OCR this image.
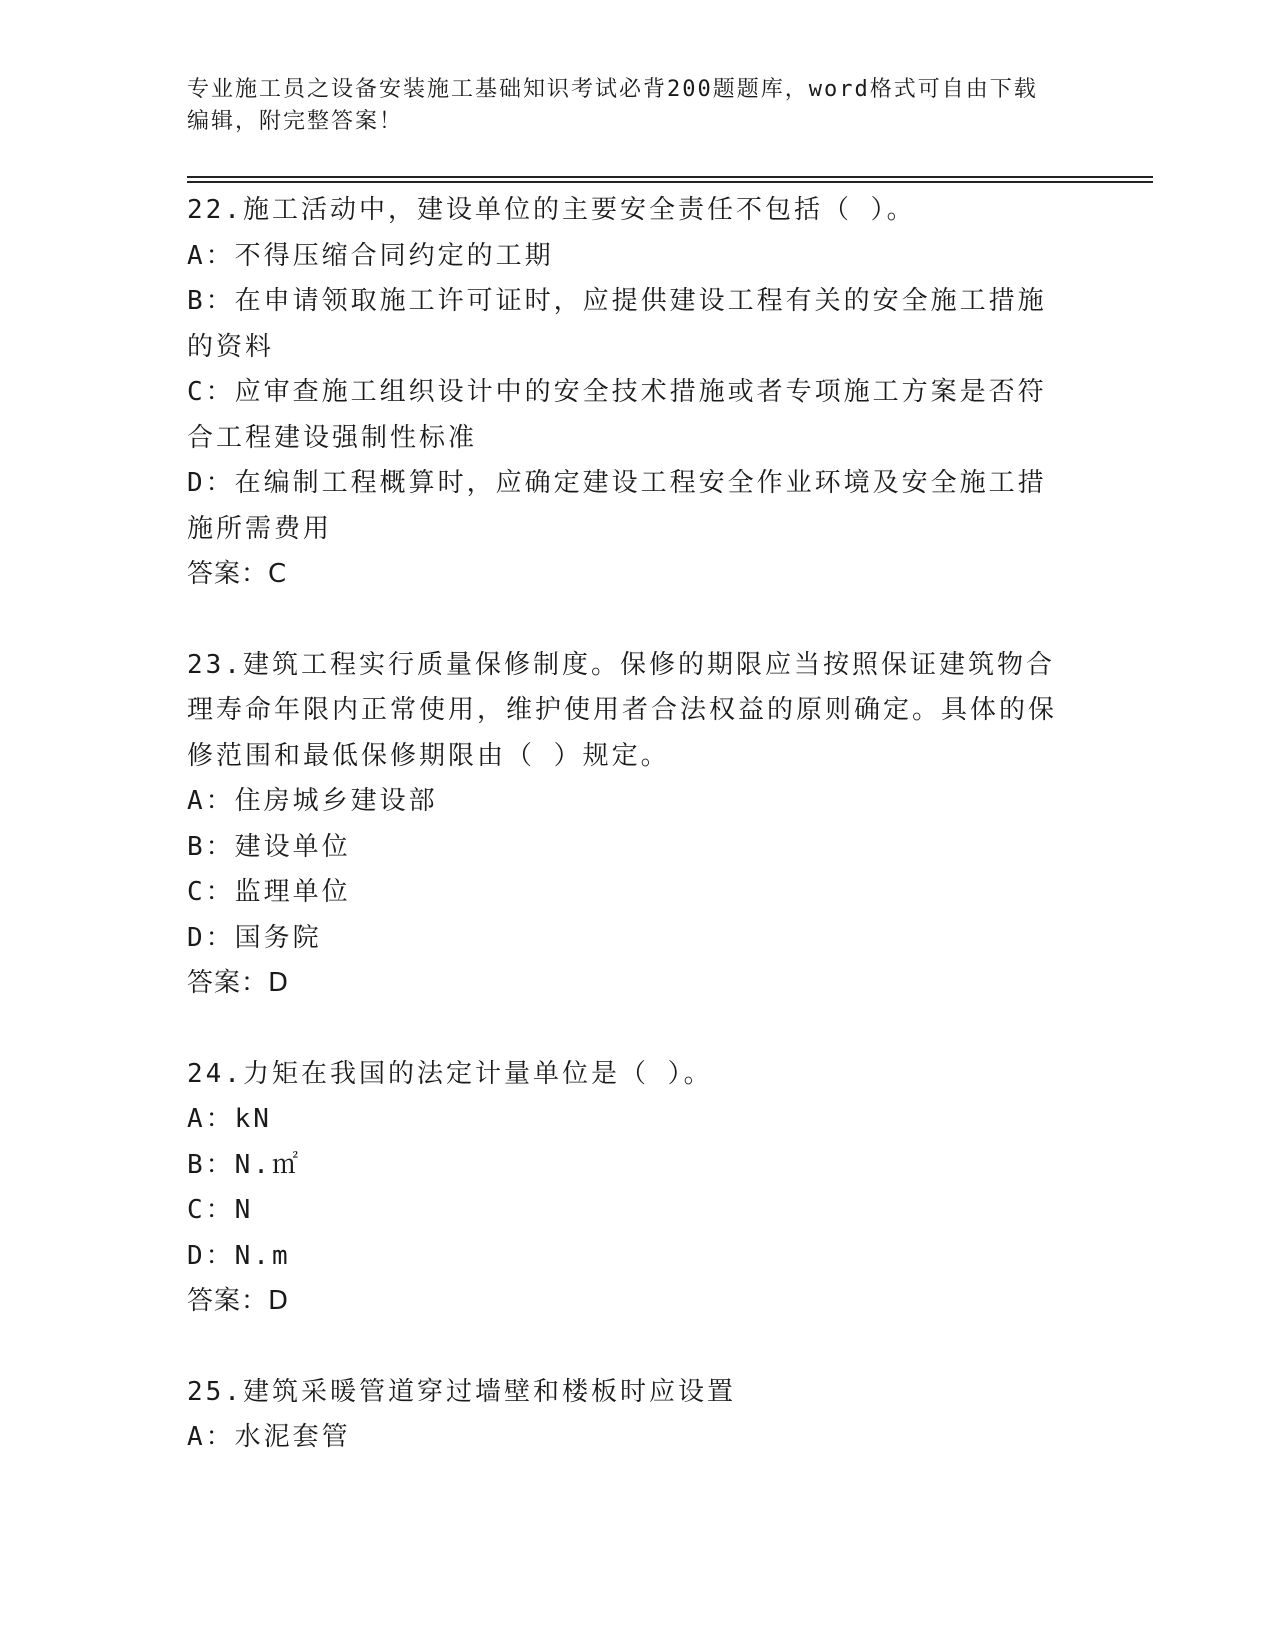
专业施工员之设备安装施工基础知识考试必背200题题库，word格式可自由下载
编辑，附完整答案！
22.施工活动中，建设单位的主要安全责任不包括（ ）。
A：不得压缩合同约定的工期
B：在申请领取施工许可证时，应提供建设工程有关的安全施工措施的资料
C：应审查施工组织设计中的安全技术措施或者专项施工方案是否符合工程建设强制性标准
D：在编制工程概算时，应确定建设工程安全作业环境及安全施工措施所需费用
答案：C
23.建筑工程实行质量保修制度。保修的期限应当按照保证建筑物合理寿命年限内正常使用，维护使用者合法权益的原则确定。具体的保修范围和最低保修期限由（ ）规定。
A：住房城乡建设部
B：建设单位
C：监理单位
D：国务院
答案：D
24.力矩在我国的法定计量单位是（ ）。
A：kN
B：N.㎡
C：N
D：N.m
答案：D
25.建筑采暖管道穿过墙壁和楼板时应设置
A：水泥套管
